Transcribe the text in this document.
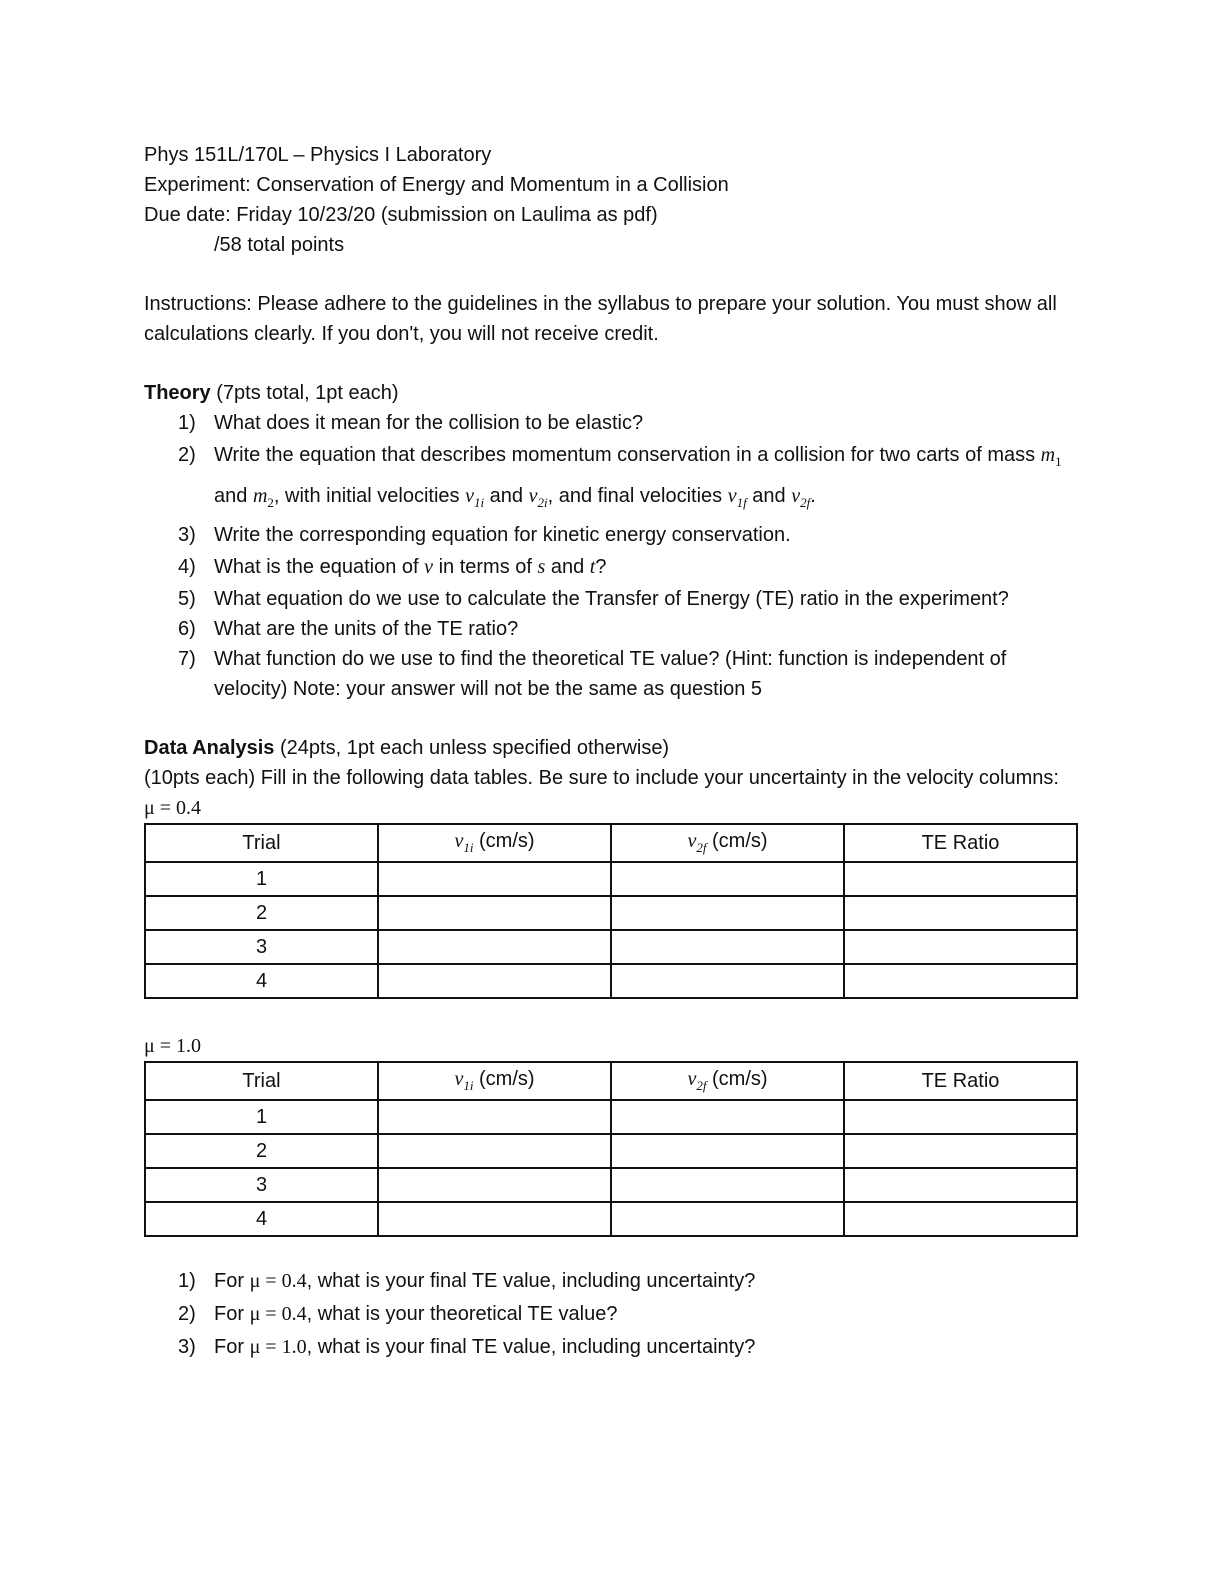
Phys 151L/170L – Physics I Laboratory
Experiment: Conservation of Energy and Momentum in a Collision
Due date: Friday 10/23/20 (submission on Laulima as pdf)
/58 total points
Instructions: Please adhere to the guidelines in the syllabus to prepare your solution. You must show all calculations clearly. If you don't, you will not receive credit.
Theory (7pts total, 1pt each)
1) What does it mean for the collision to be elastic?
2) Write the equation that describes momentum conservation in a collision for two carts of mass $m_1$ and $m_2$, with initial velocities $v_{1i}$ and $v_{2i}$, and final velocities $v_{1f}$ and $v_{2f}$.
3) Write the corresponding equation for kinetic energy conservation.
4) What is the equation of v in terms of s and t?
5) What equation do we use to calculate the Transfer of Energy (TE) ratio in the experiment?
6) What are the units of the TE ratio?
7) What function do we use to find the theoretical TE value? (Hint: function is independent of velocity) Note: your answer will not be the same as question 5
Data Analysis (24pts, 1pt each unless specified otherwise)
(10pts each) Fill in the following data tables. Be sure to include your uncertainty in the velocity columns:
μ = 0.4
Trial	$v_{1i}$ (cm/s)	$v_{2f}$ (cm/s)	TE Ratio
1			
2			
3			
4			
μ = 1.0
Trial	$v_{1i}$ (cm/s)	$v_{2f}$ (cm/s)	TE Ratio
1			
2			
3			
4			
1) For μ = 0.4, what is your final TE value, including uncertainty?
2) For μ = 0.4, what is your theoretical TE value?
3) For μ = 1.0, what is your final TE value, including uncertainty?
